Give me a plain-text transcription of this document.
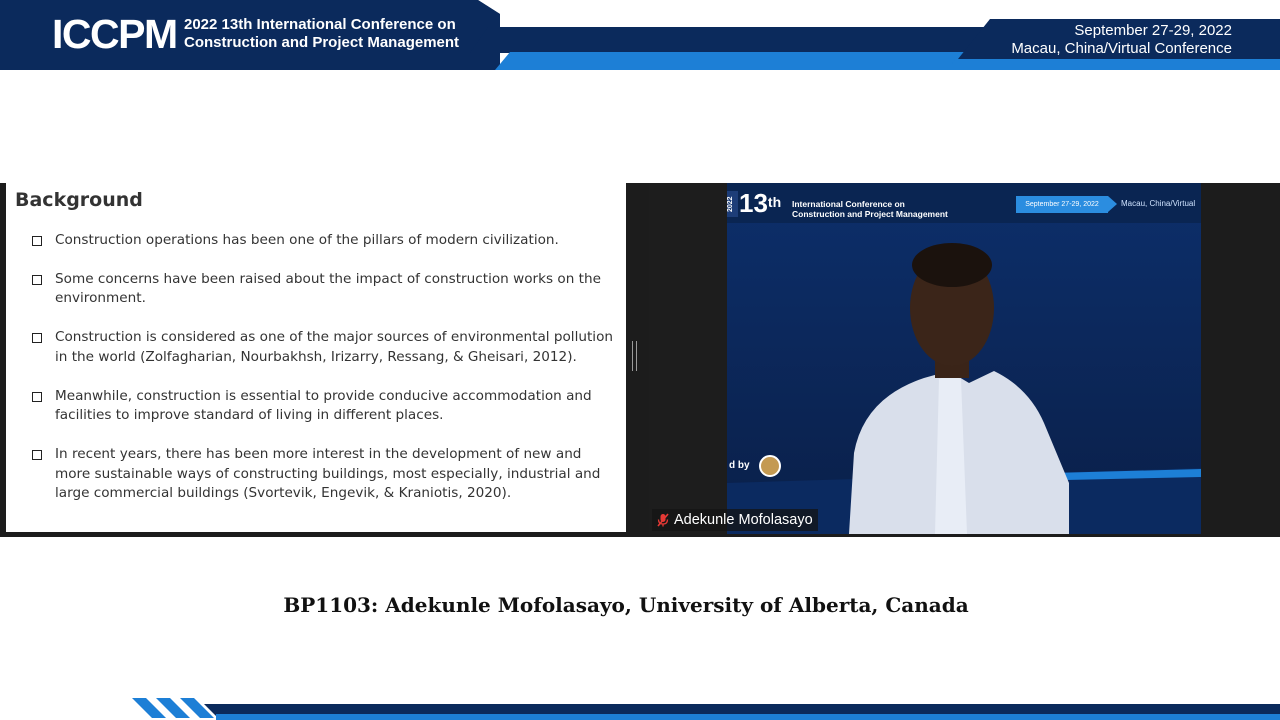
ICCPM 2022 13th International Conference on
Construction and Project Management
September 27-29, 2022
Macau, China/Virtual Conference
Background
Construction operations has been one of the pillars of modern civilization.
Some concerns have been raised about the impact of construction works on the environment.
Construction is considered as one of the major sources of environmental pollution in the world (Zolfagharian, Nourbakhsh, Irizarry, Ressang, & Gheisari, 2012).
Meanwhile, construction is essential to provide conducive accommodation and facilities to improve standard of living in different places.
In recent years, there has been more interest in the development of new and more sustainable ways of constructing buildings, most especially, industrial and large commercial buildings (Svortevik, Engevik, & Kraniotis, 2020).
2022 13th International Conference on
Construction and Project Management
September 27-29, 2022	Macau, China/Virtual
d by
Adekunle Mofolasayo
BP1103: Adekunle Mofolasayo, University of Alberta, Canada
